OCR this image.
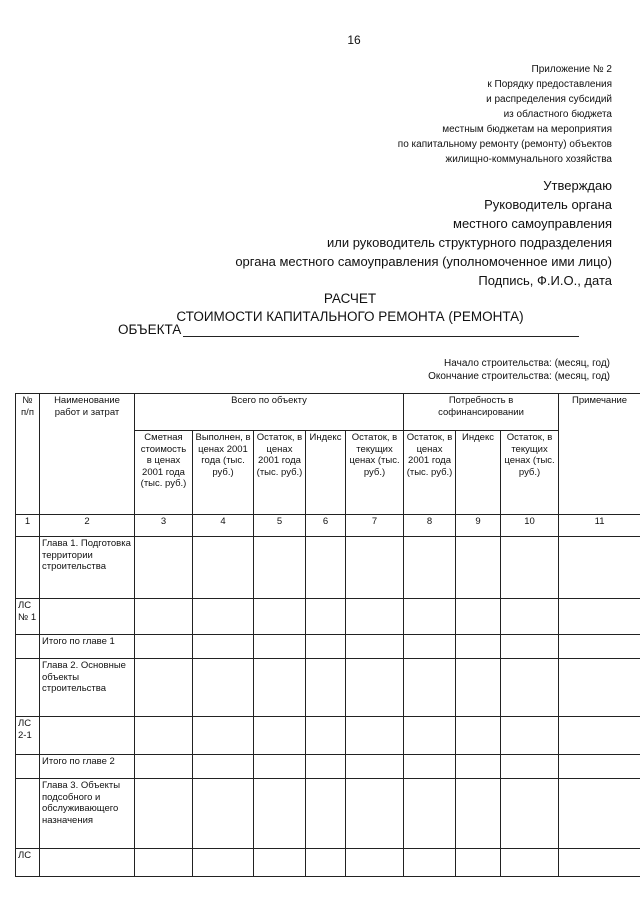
16
Приложение № 2
к Порядку предоставления
и распределения субсидий
из областного бюджета
местным бюджетам на мероприятия
по капитальному ремонту (ремонту) объектов
жилищно-коммунального хозяйства
Утверждаю
Руководитель органа
местного самоуправления
или руководитель структурного подразделения
органа местного самоуправления (уполномоченное ими лицо)
Подпись, Ф.И.О., дата
РАСЧЕТ
СТОИМОСТИ КАПИТАЛЬНОГО РЕМОНТА (РЕМОНТА)
ОБЪЕКТА
Начало строительства: (месяц, год)
Окончание строительства: (месяц, год)
№ п/п	Наименование работ и затрат	Всего по объекту					Потребность в софинансировании			Примечание
		Сметная стоимость в ценах 2001 года (тыс. руб.)	Выполнен, в ценах 2001 года (тыс. руб.)	Остаток, в ценах 2001 года (тыс. руб.)	Индекс	Остаток, в текущих ценах (тыс. руб.)	Остаток, в ценах 2001 года (тыс. руб.)	Индекс	Остаток, в текущих ценах (тыс. руб.)	
1	2	3	4	5	6	7	8	9	10	11
	Глава 1. Подготовка территории строительства									
ЛС № 1										
	Итого по главе 1									
	Глава 2. Основные объекты строительства									
ЛС 2-1										
	Итого по главе 2									
	Глава 3. Объекты подсобного и обслуживающего назначения									
ЛС										
